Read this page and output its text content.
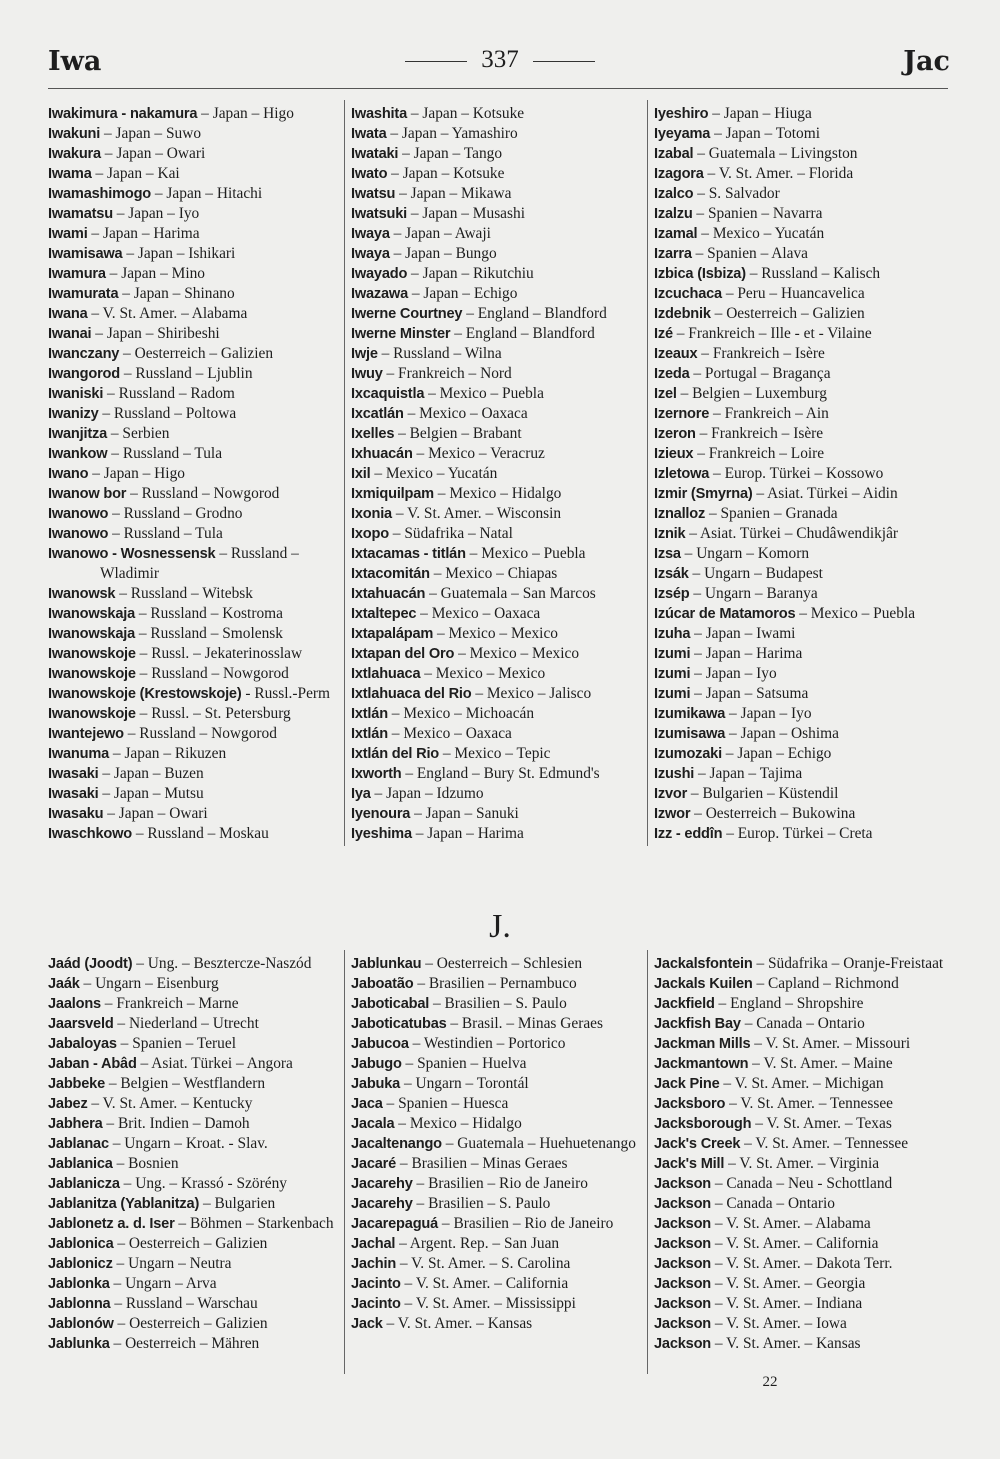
Iwa	337	Jac
Iwakimura - nakamura – Japan – Higo
Iwakuni – Japan – Suwo
Iwakura – Japan – Owari
Iwama – Japan – Kai
Iwamashimogo – Japan – Hitachi
Iwamatsu – Japan – Iyo
Iwami – Japan – Harima
Iwamisawa – Japan – Ishikari
Iwamura – Japan – Mino
Iwamurata – Japan – Shinano
Iwana – V. St. Amer. – Alabama
Iwanai – Japan – Shiribeshi
Iwanczany – Oesterreich – Galizien
Iwangorod – Russland – Ljublin
Iwaniski – Russland – Radom
Iwanizy – Russland – Poltowa
Iwanjitza – Serbien
Iwankow – Russland – Tula
Iwano – Japan – Higo
Iwanow bor – Russland – Nowgorod
Iwanowo – Russland – Grodno
Iwanowo – Russland – Tula
Iwanowo - Wosnessensk – Russland – Wladimir
Iwanowsk – Russland – Witebsk
Iwanowskaja – Russland – Kostroma
Iwanowskaja – Russland – Smolensk
Iwanowskoje – Russl. – Jekaterinosslaw
Iwanowskoje – Russland – Nowgorod
Iwanowskoje (Krestowskoje) - Russl.-Perm
Iwanowskoje – Russl. – St. Petersburg
Iwantejewo – Russland – Nowgorod
Iwanuma – Japan – Rikuzen
Iwasaki – Japan – Buzen
Iwasaki – Japan – Mutsu
Iwasaku – Japan – Owari
Iwaschkowo – Russland – Moskau
Iwashita – Japan – Kotsuke
Iwata – Japan – Yamashiro
Iwataki – Japan – Tango
Iwato – Japan – Kotsuke
Iwatsu – Japan – Mikawa
Iwatsuki – Japan – Musashi
Iwaya – Japan – Awaji
Iwaya – Japan – Bungo
Iwayado – Japan – Rikutchiu
Iwazawa – Japan – Echigo
Iwerne Courtney – England – Blandford
Iwerne Minster – England – Blandford
Iwje – Russland – Wilna
Iwuy – Frankreich – Nord
Ixcaquistla – Mexico – Puebla
Ixcatlán – Mexico – Oaxaca
Ixelles – Belgien – Brabant
Ixhuacán – Mexico – Veracruz
Ixil – Mexico – Yucatán
Ixmiquilpam – Mexico – Hidalgo
Ixonia – V. St. Amer. – Wisconsin
Ixopo – Südafrika – Natal
Ixtacamas - titlán – Mexico – Puebla
Ixtacomitán – Mexico – Chiapas
Ixtahuacán – Guatemala – San Marcos
Ixtaltepec – Mexico – Oaxaca
Ixtapalápam – Mexico – Mexico
Ixtapan del Oro – Mexico – Mexico
Ixtlahuaca – Mexico – Mexico
Ixtlahuaca del Rio – Mexico – Jalisco
Ixtlán – Mexico – Michoacán
Ixtlán – Mexico – Oaxaca
Ixtlán del Rio – Mexico – Tepic
Ixworth – England – Bury St. Edmund's
Iya – Japan – Idzumo
Iyenoura – Japan – Sanuki
Iyeshima – Japan – Harima
Iyeshiro – Japan – Hiuga
Iyeyama – Japan – Totomi
Izabal – Guatemala – Livingston
Izagora – V. St. Amer. – Florida
Izalco – S. Salvador
Izalzu – Spanien – Navarra
Izamal – Mexico – Yucatán
Izarra – Spanien – Alava
Izbica (Isbiza) – Russland – Kalisch
Izcuchaca – Peru – Huancavelica
Izdebnik – Oesterreich – Galizien
Izé – Frankreich – Ille - et - Vilaine
Izeaux – Frankreich – Isère
Izeda – Portugal – Bragança
Izel – Belgien – Luxemburg
Izernore – Frankreich – Ain
Izeron – Frankreich – Isère
Izieux – Frankreich – Loire
Izletowa – Europ. Türkei – Kossowo
Izmir (Smyrna) – Asiat. Türkei – Aidin
Iznalloz – Spanien – Granada
Iznik – Asiat. Türkei – Chudâwendikjâr
Izsa – Ungarn – Komorn
Izsák – Ungarn – Budapest
Izsép – Ungarn – Baranya
Izúcar de Matamoros – Mexico – Puebla
Izuha – Japan – Iwami
Izumi – Japan – Harima
Izumi – Japan – Iyo
Izumi – Japan – Satsuma
Izumikawa – Japan – Iyo
Izumisawa – Japan – Oshima
Izumozaki – Japan – Echigo
Izushi – Japan – Tajima
Izvor – Bulgarien – Küstendil
Izwor – Oesterreich – Bukowina
Izz - eddîn – Europ. Türkei – Creta
J.
Jaád (Joodt) – Ung. – Besztercze-Naszód
Jaák – Ungarn – Eisenburg
Jaalons – Frankreich – Marne
Jaarsveld – Niederland – Utrecht
Jabaloyas – Spanien – Teruel
Jaban - Abâd – Asiat. Türkei – Angora
Jabbeke – Belgien – Westflandern
Jabez – V. St. Amer. – Kentucky
Jabhera – Brit. Indien – Damoh
Jablanac – Ungarn – Kroat. - Slav.
Jablanica – Bosnien
Jablanicza – Ung. – Krassó - Szörény
Jablanitza (Yablanitza) – Bulgarien
Jablonetz a. d. Iser – Böhmen – Starkenbach
Jablonica – Oesterreich – Galizien
Jablonicz – Ungarn – Neutra
Jablonka – Ungarn – Arva
Jablonna – Russland – Warschau
Jablonów – Oesterreich – Galizien
Jablunka – Oesterreich – Mähren
Jablunkau – Oesterreich – Schlesien
Jaboatão – Brasilien – Pernambuco
Jaboticabal – Brasilien – S. Paulo
Jaboticatubas – Brasil. – Minas Geraes
Jabucoa – Westindien – Portorico
Jabugo – Spanien – Huelva
Jabuka – Ungarn – Torontál
Jaca – Spanien – Huesca
Jacala – Mexico – Hidalgo
Jacaltenango – Guatemala – Huehuetenango
Jacaré – Brasilien – Minas Geraes
Jacarehy – Brasilien – Rio de Janeiro
Jacarehy – Brasilien – S. Paulo
Jacarepaguá – Brasilien – Rio de Janeiro
Jachal – Argent. Rep. – San Juan
Jachin – V. St. Amer. – S. Carolina
Jacinto – V. St. Amer. – California
Jacinto – V. St. Amer. – Mississippi
Jack – V. St. Amer. – Kansas
Jackalsfontein – Südafrika – Oranje-Freistaat
Jackals Kuilen – Capland – Richmond
Jackfield – England – Shropshire
Jackfish Bay – Canada – Ontario
Jackman Mills – V. St. Amer. – Missouri
Jackmantown – V. St. Amer. – Maine
Jack Pine – V. St. Amer. – Michigan
Jacksboro – V. St. Amer. – Tennessee
Jacksborough – V. St. Amer. – Texas
Jack's Creek – V. St. Amer. – Tennessee
Jack's Mill – V. St. Amer. – Virginia
Jackson – Canada – Neu - Schottland
Jackson – Canada – Ontario
Jackson – V. St. Amer. – Alabama
Jackson – V. St. Amer. – California
Jackson – V. St. Amer. – Dakota Terr.
Jackson – V. St. Amer. – Georgia
Jackson – V. St. Amer. – Indiana
Jackson – V. St. Amer. – Iowa
Jackson – V. St. Amer. – Kansas
22
